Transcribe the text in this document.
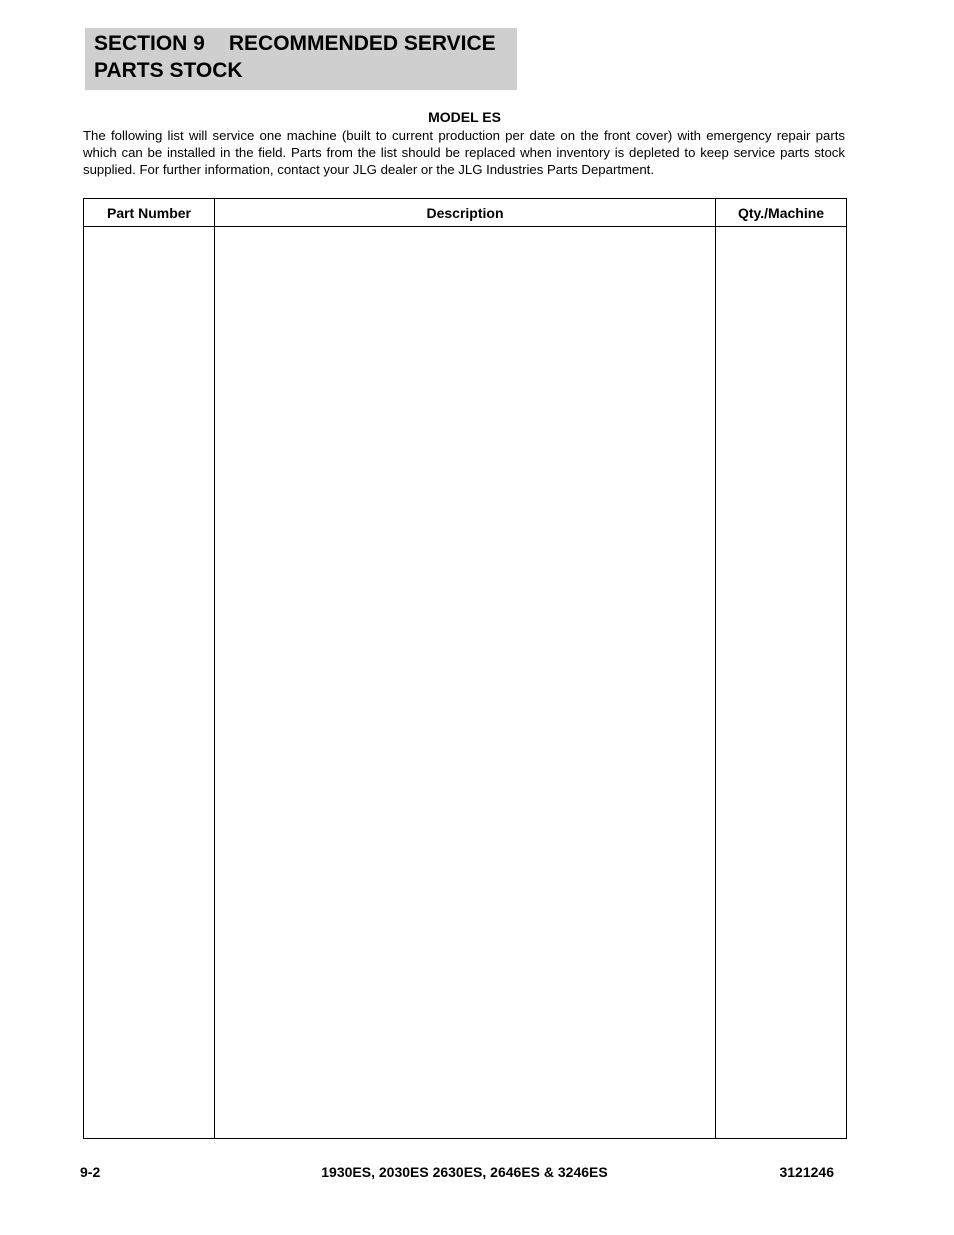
SECTION 9 RECOMMENDED SERVICE
PARTS STOCK
MODEL ES
The following list will service one machine (built to current production per date on the front cover) with emergency repair parts which can be installed in the field. Parts from the list should be replaced when inventory is depleted to keep service parts stock supplied. For further information, contact your JLG dealer or the JLG Industries Parts Department.
Part Number	Description	Qty./Machine

1930ES, 2030ES 2630ES, 2646ES & 3246ES
9-2	3121246
